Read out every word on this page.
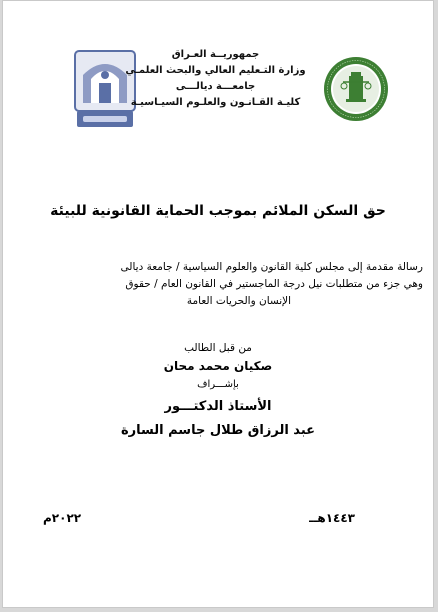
جمهوريــة العـراق
وزارة التـعليم العالي والبحث العلمـي
جامعـــة ديالـــى
كليـة القـانـون والعلـوم السيـاسيـة
حق السكن الملائم بموجب الحماية القانونية للبيئة
رسالة مقدمة إلى مجلس كلية القانون والعلوم السياسية / جامعة ديالى
وهي جزء من متطلبات نيل درجة الماجستير في القانون العام / حقوق
الإنسان والحريات العامة
من قبل الطالب
صكيان محمد محان
بإشـــراف
الأستاذ الدكتـــور
عبد الرزاق طلال جاسم السارة
١٤٤٣هــ
٢٠٢٢م
